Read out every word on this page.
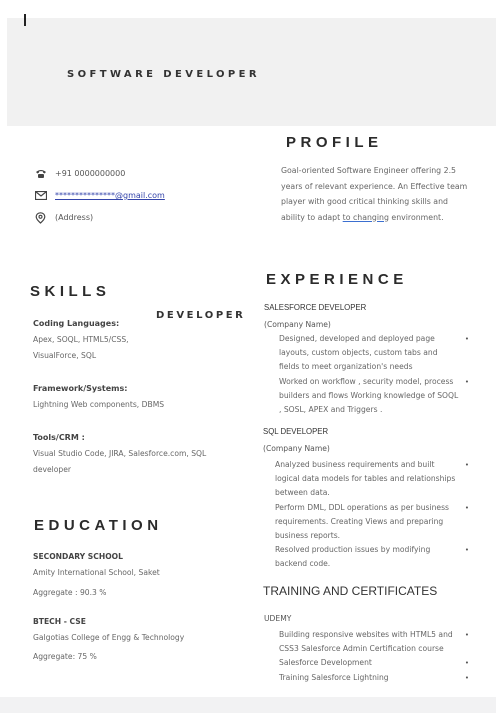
SOFTWARE DEVELOPER
+91 0000000000
***************@gmail.com
(Address)
PROFILE
Goal-oriented Software Engineer offering 2.5 years of relevant experience. An Effective team player with good critical thinking skills and ability to adapt to changing environment.
SKILLS
DEVELOPER
Coding Languages:
Apex, SOQL, HTML5/CSS, VisualForce, SQL
Framework/Systems:
Lightning Web components, DBMS
Tools/CRM :
Visual Studio Code, JIRA, Salesforce.com, SQL developer
EDUCATION
SECONDARY SCHOOL
Amity International School, Saket
Aggregate : 90.3 %
BTECH - CSE
Galgotias College of Engg & Technology
Aggregate: 75 %
EXPERIENCE
SALESFORCE DEVELOPER
(Company Name)
Designed, developed and deployed page layouts, custom objects, custom tabs and fields to meet organization's needs
•
Worked on workflow , security model, process builders and flows Working knowledge of SOQL , SOSL, APEX and Triggers .
•
SQL DEVELOPER
(Company Name)
Analyzed business requirements and built logical data models for tables and relationships between data.
•
Perform DML, DDL operations as per business requirements. Creating Views and preparing business reports.
•
Resolved production issues by modifying backend code.
•
TRAINING AND CERTIFICATES
UDEMY
Building responsive websites with HTML5 and CSS3 Salesforce Admin Certification course
•
Salesforce Development	•
Training Salesforce Lightning	•
